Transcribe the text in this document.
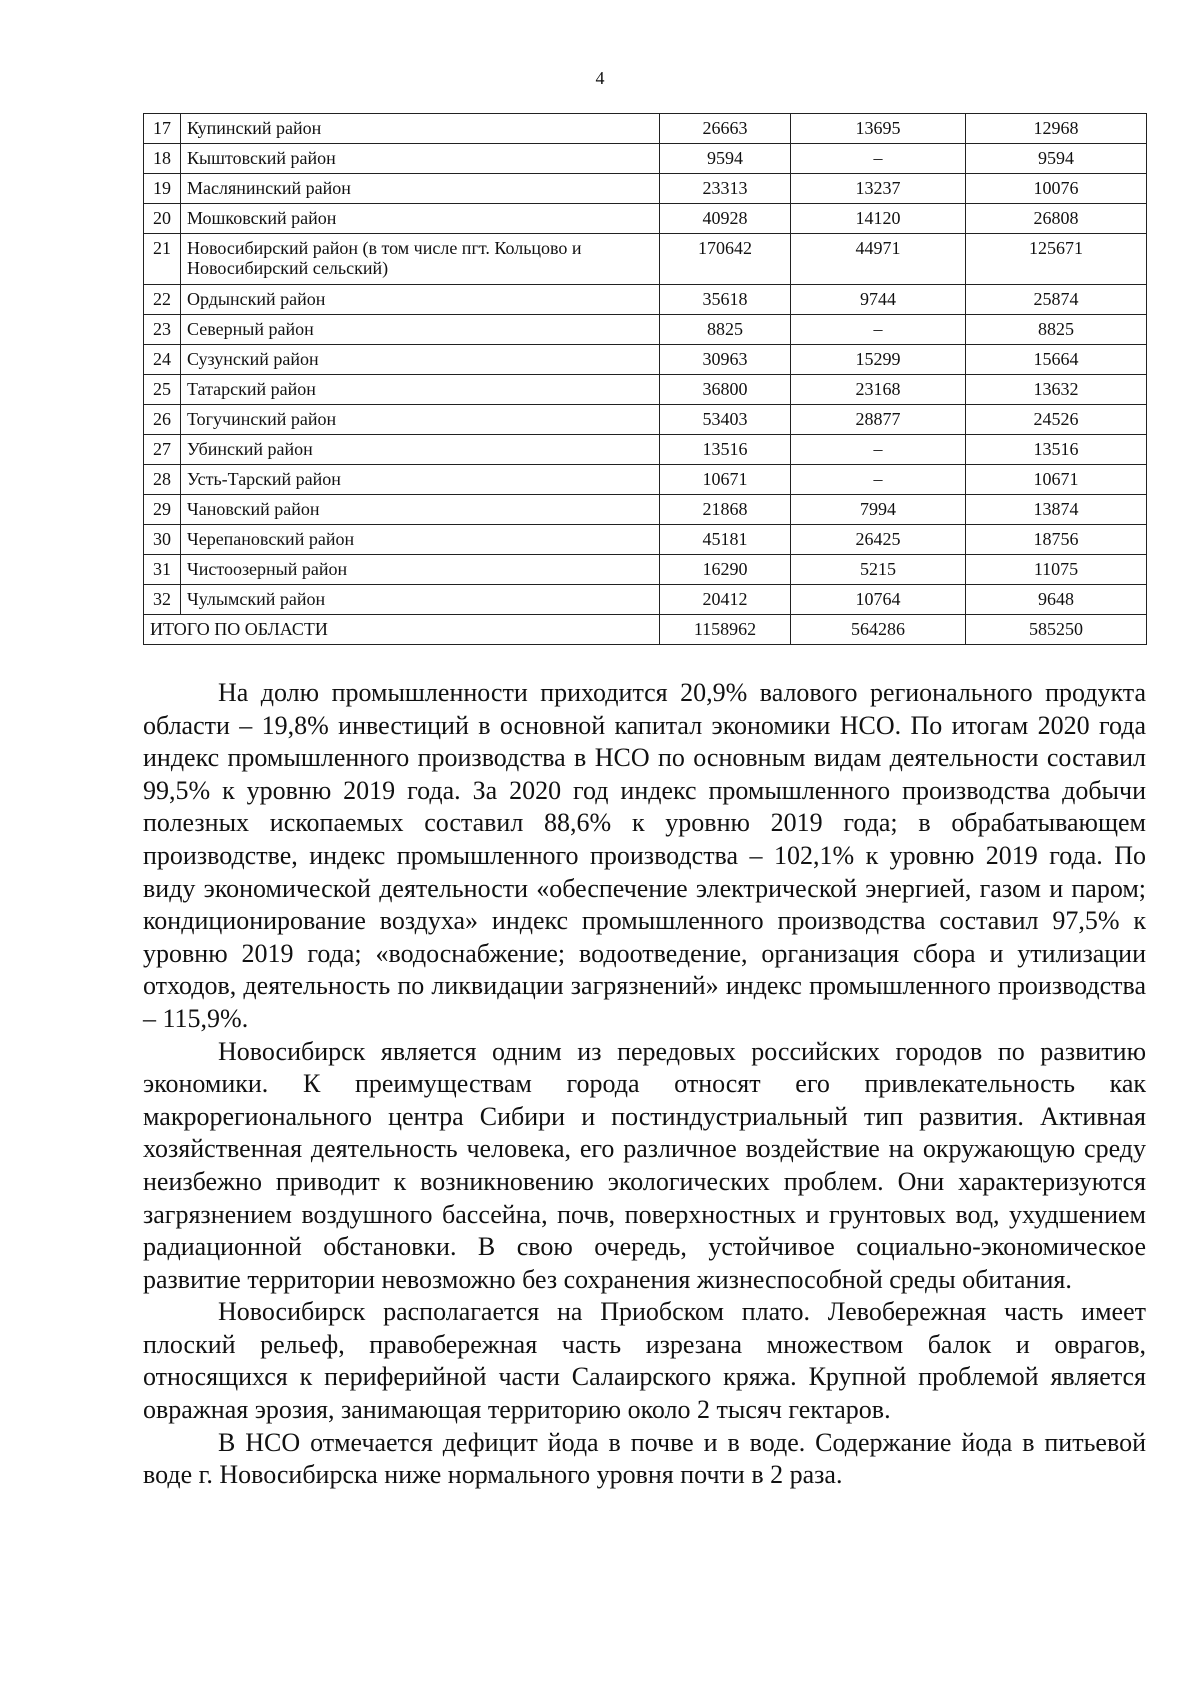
4
17	Купинский район	26663	13695	12968
18	Кыштовский район	9594	–	9594
19	Маслянинский район	23313	13237	10076
20	Мошковский район	40928	14120	26808
21	Новосибирский район (в том числе пгт. Кольцово и Новосибирский сельский)	170642	44971	125671
22	Ордынский район	35618	9744	25874
23	Северный район	8825	–	8825
24	Сузунский район	30963	15299	15664
25	Татарский район	36800	23168	13632
26	Тогучинский район	53403	28877	24526
27	Убинский район	13516	–	13516
28	Усть-Тарский район	10671	–	10671
29	Чановский район	21868	7994	13874
30	Черепановский район	45181	26425	18756
31	Чистоозерный район	16290	5215	11075
32	Чулымский район	20412	10764	9648
ИТОГО ПО ОБЛАСТИ		1158962	564286	585250

На долю промышленности приходится 20,9% валового регионального продукта области – 19,8% инвестиций в основной капитал экономики НСО. По итогам 2020 года индекс промышленного производства в НСО по основным видам деятельности составил 99,5% к уровню 2019 года. За 2020 год индекс промышленного производства добычи полезных ископаемых составил 88,6% к уровню 2019 года; в обрабатывающем производстве, индекс промышленного производства – 102,1% к уровню 2019 года. По виду экономической деятельности «обеспечение электрической энергией, газом и паром; кондиционирование воздуха» индекс промышленного производства составил 97,5% к уровню 2019 года; «водоснабжение; водоотведение, организация сбора и утилизации отходов, деятельность по ликвидации загрязнений» индекс промышленного производства – 115,9%.

Новосибирск является одним из передовых российских городов по развитию экономики. К преимуществам города относят его привлекательность как макрорегионального центра Сибири и постиндустриальный тип развития. Активная хозяйственная деятельность человека, его различное воздействие на окружающую среду неизбежно приводит к возникновению экологических проблем. Они характеризуются загрязнением воздушного бассейна, почв, поверхностных и грунтовых вод, ухудшением радиационной обстановки. В свою очередь, устойчивое социально-экономическое развитие территории невозможно без сохранения жизнеспособной среды обитания.

Новосибирск располагается на Приобском плато. Левобережная часть имеет плоский рельеф, правобережная часть изрезана множеством балок и оврагов, относящихся к периферийной части Салаирского кряжа. Крупной проблемой является овражная эрозия, занимающая территорию около 2 тысяч гектаров.

В НСО отмечается дефицит йода в почве и в воде. Содержание йода в питьевой воде г. Новосибирска ниже нормального уровня почти в 2 раза.
